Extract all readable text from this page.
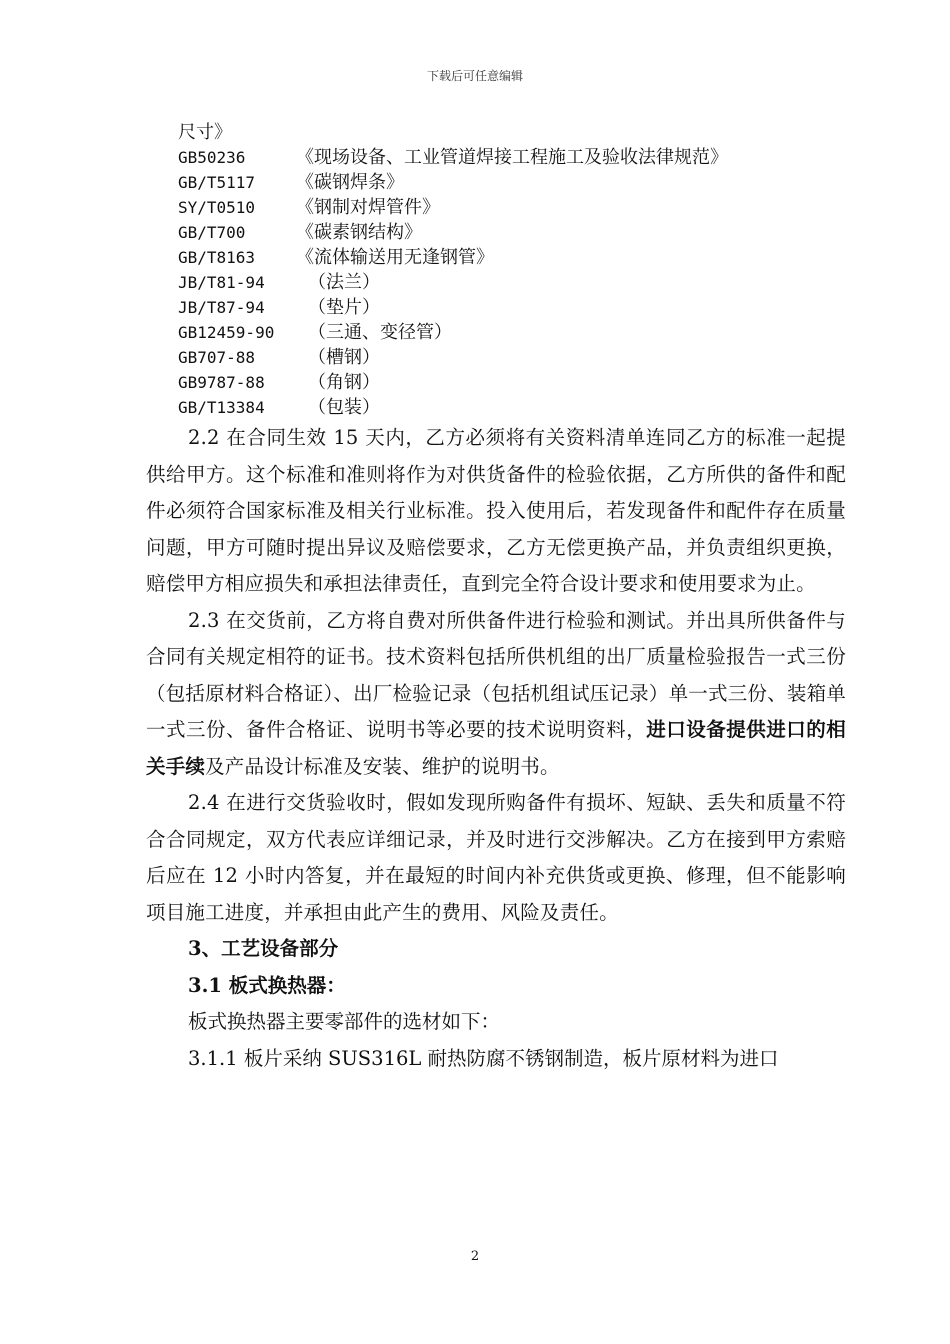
下载后可任意编辑
尺寸》
GB50236	《现场设备、工业管道焊接工程施工及验收法律规范》
GB/T5117	《碳钢焊条》
SY/T0510	《钢制对焊管件》
GB/T700	《碳素钢结构》
GB/T8163	《流体输送用无逢钢管》
JB/T81-94	（法兰）
JB/T87-94	（垫片）
GB12459-90	（三通、变径管）
GB707-88	（槽钢）
GB9787-88	（角钢）
GB/T13384	（包装）

2.2 在合同生效 15 天内，乙方必须将有关资料清单连同乙方的标准一起提供给甲方。这个标准和准则将作为对供货备件的检验依据，乙方所供的备件和配件必须符合国家标准及相关行业标准。投入使用后，若发现备件和配件存在质量问题，甲方可随时提出异议及赔偿要求，乙方无偿更换产品，并负责组织更换，赔偿甲方相应损失和承担法律责任，直到完全符合设计要求和使用要求为止。

2.3 在交货前，乙方将自费对所供备件进行检验和测试。并出具所供备件与合同有关规定相符的证书。技术资料包括所供机组的出厂质量检验报告一式三份（包括原材料合格证）、出厂检验记录（包括机组试压记录）单一式三份、装箱单一式三份、备件合格证、说明书等必要的技术说明资料，进口设备提供进口的相关手续及产品设计标准及安装、维护的说明书。

2.4 在进行交货验收时，假如发现所购备件有损坏、短缺、丢失和质量不符合合同规定，双方代表应详细记录，并及时进行交涉解决。乙方在接到甲方索赔后应在 12 小时内答复，并在最短的时间内补充供货或更换、修理，但不能影响项目施工进度，并承担由此产生的费用、风险及责任。

3、工艺设备部分

3.1 板式换热器：

板式换热器主要零部件的选材如下：

3.1.1 板片采纳 SUS316L 耐热防腐不锈钢制造，板片原材料为进口

2
